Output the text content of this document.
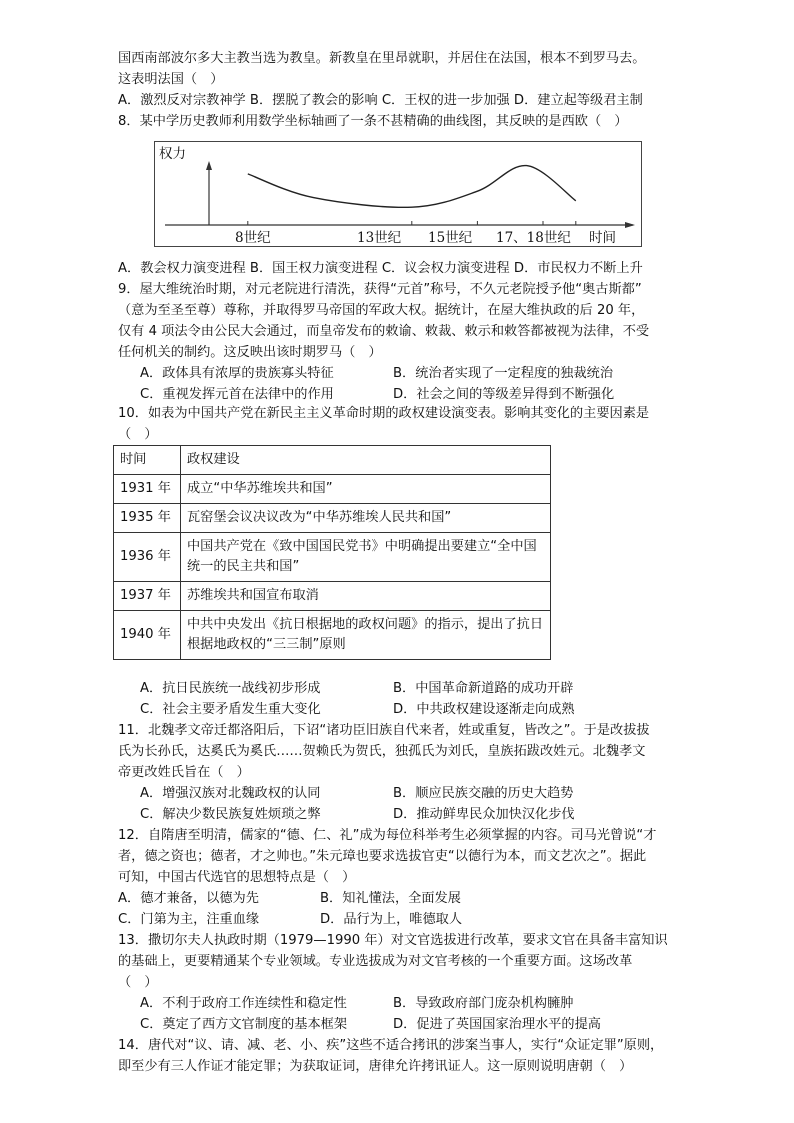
国西南部波尔多大主教当选为教皇。新教皇在里昂就职，并居住在法国，根本不到罗马去。
这表明法国（　）
A．激烈反对宗教神学 B．摆脱了教会的影响 C．王权的进一步加强 D．建立起等级君主制
8．某中学历史教师利用数学坐标轴画了一条不甚精确的曲线图，其反映的是西欧（　）
权力
8世纪	13世纪 15世纪 17、18世纪 时间
A．教会权力演变进程 B．国王权力演变进程 C．议会权力演变进程 D．市民权力不断上升
9．屋大维统治时期，对元老院进行清洗，获得“元首”称号，不久元老院授予他“奥古斯都”
（意为至圣至尊）尊称，并取得罗马帝国的军政大权。据统计，在屋大维执政的后 20 年，
仅有 4 项法令由公民大会通过，而皇帝发布的敕谕、敕裁、敕示和敕答都被视为法律，不受
任何机关的制约。这反映出该时期罗马（　）
A．政体具有浓厚的贵族寡头特征	B．统治者实现了一定程度的独裁统治
C．重视发挥元首在法律中的作用	D．社会之间的等级差异得到不断强化
10．如表为中国共产党在新民主主义革命时期的政权建设演变表。影响其变化的主要因素是
（　）
时间	政权建设
1931 年	成立“中华苏维埃共和国”
1935 年	瓦窑堡会议决议改为“中华苏维埃人民共和国”
1936 年	中国共产党在《致中国国民党书》中明确提出要建立“全中国统一的民主共和国”
1937 年	苏维埃共和国宣布取消
1940 年	中共中央发出《抗日根据地的政权问题》的指示，提出了抗日根据地政权的“三三制”原则
A．抗日民族统一战线初步形成	B．中国革命新道路的成功开辟
C．社会主要矛盾发生重大变化	D．中共政权建设逐渐走向成熟
11．北魏孝文帝迁都洛阳后，下诏“诸功臣旧族自代来者，姓或重复，皆改之”。于是改拔拔
氏为长孙氏，达奚氏为奚氏……贺赖氏为贺氏，独孤氏为刘氏，皇族拓跋改姓元。北魏孝文
帝更改姓氏旨在（　）
A．增强汉族对北魏政权的认同	B．顺应民族交融的历史大趋势
C．解决少数民族复姓烦琐之弊	D．推动鲜卑民众加快汉化步伐
12．自隋唐至明清，儒家的“德、仁、礼”成为每位科举考生必须掌握的内容。司马光曾说“才
者，德之资也；德者，才之帅也。”朱元璋也要求选拔官吏“以德行为本，而文艺次之”。据此
可知，中国古代选官的思想特点是（　）
A．德才兼备，以德为先	B．知礼懂法，全面发展
C．门第为主，注重血缘	D．品行为上，唯德取人
13．撒切尔夫人执政时期（1979—1990 年）对文官选拔进行改革，要求文官在具备丰富知识
的基础上，更要精通某个专业领域。专业选拔成为对文官考核的一个重要方面。这场改革
（　）
A．不利于政府工作连续性和稳定性	B．导致政府部门庞杂机构臃肿
C．奠定了西方文官制度的基本框架	D．促进了英国国家治理水平的提高
14．唐代对“议、请、减、老、小、疾”这些不适合拷讯的涉案当事人，实行“众证定罪”原则，
即至少有三人作证才能定罪；为获取证词，唐律允许拷讯证人。这一原则说明唐朝（　）
